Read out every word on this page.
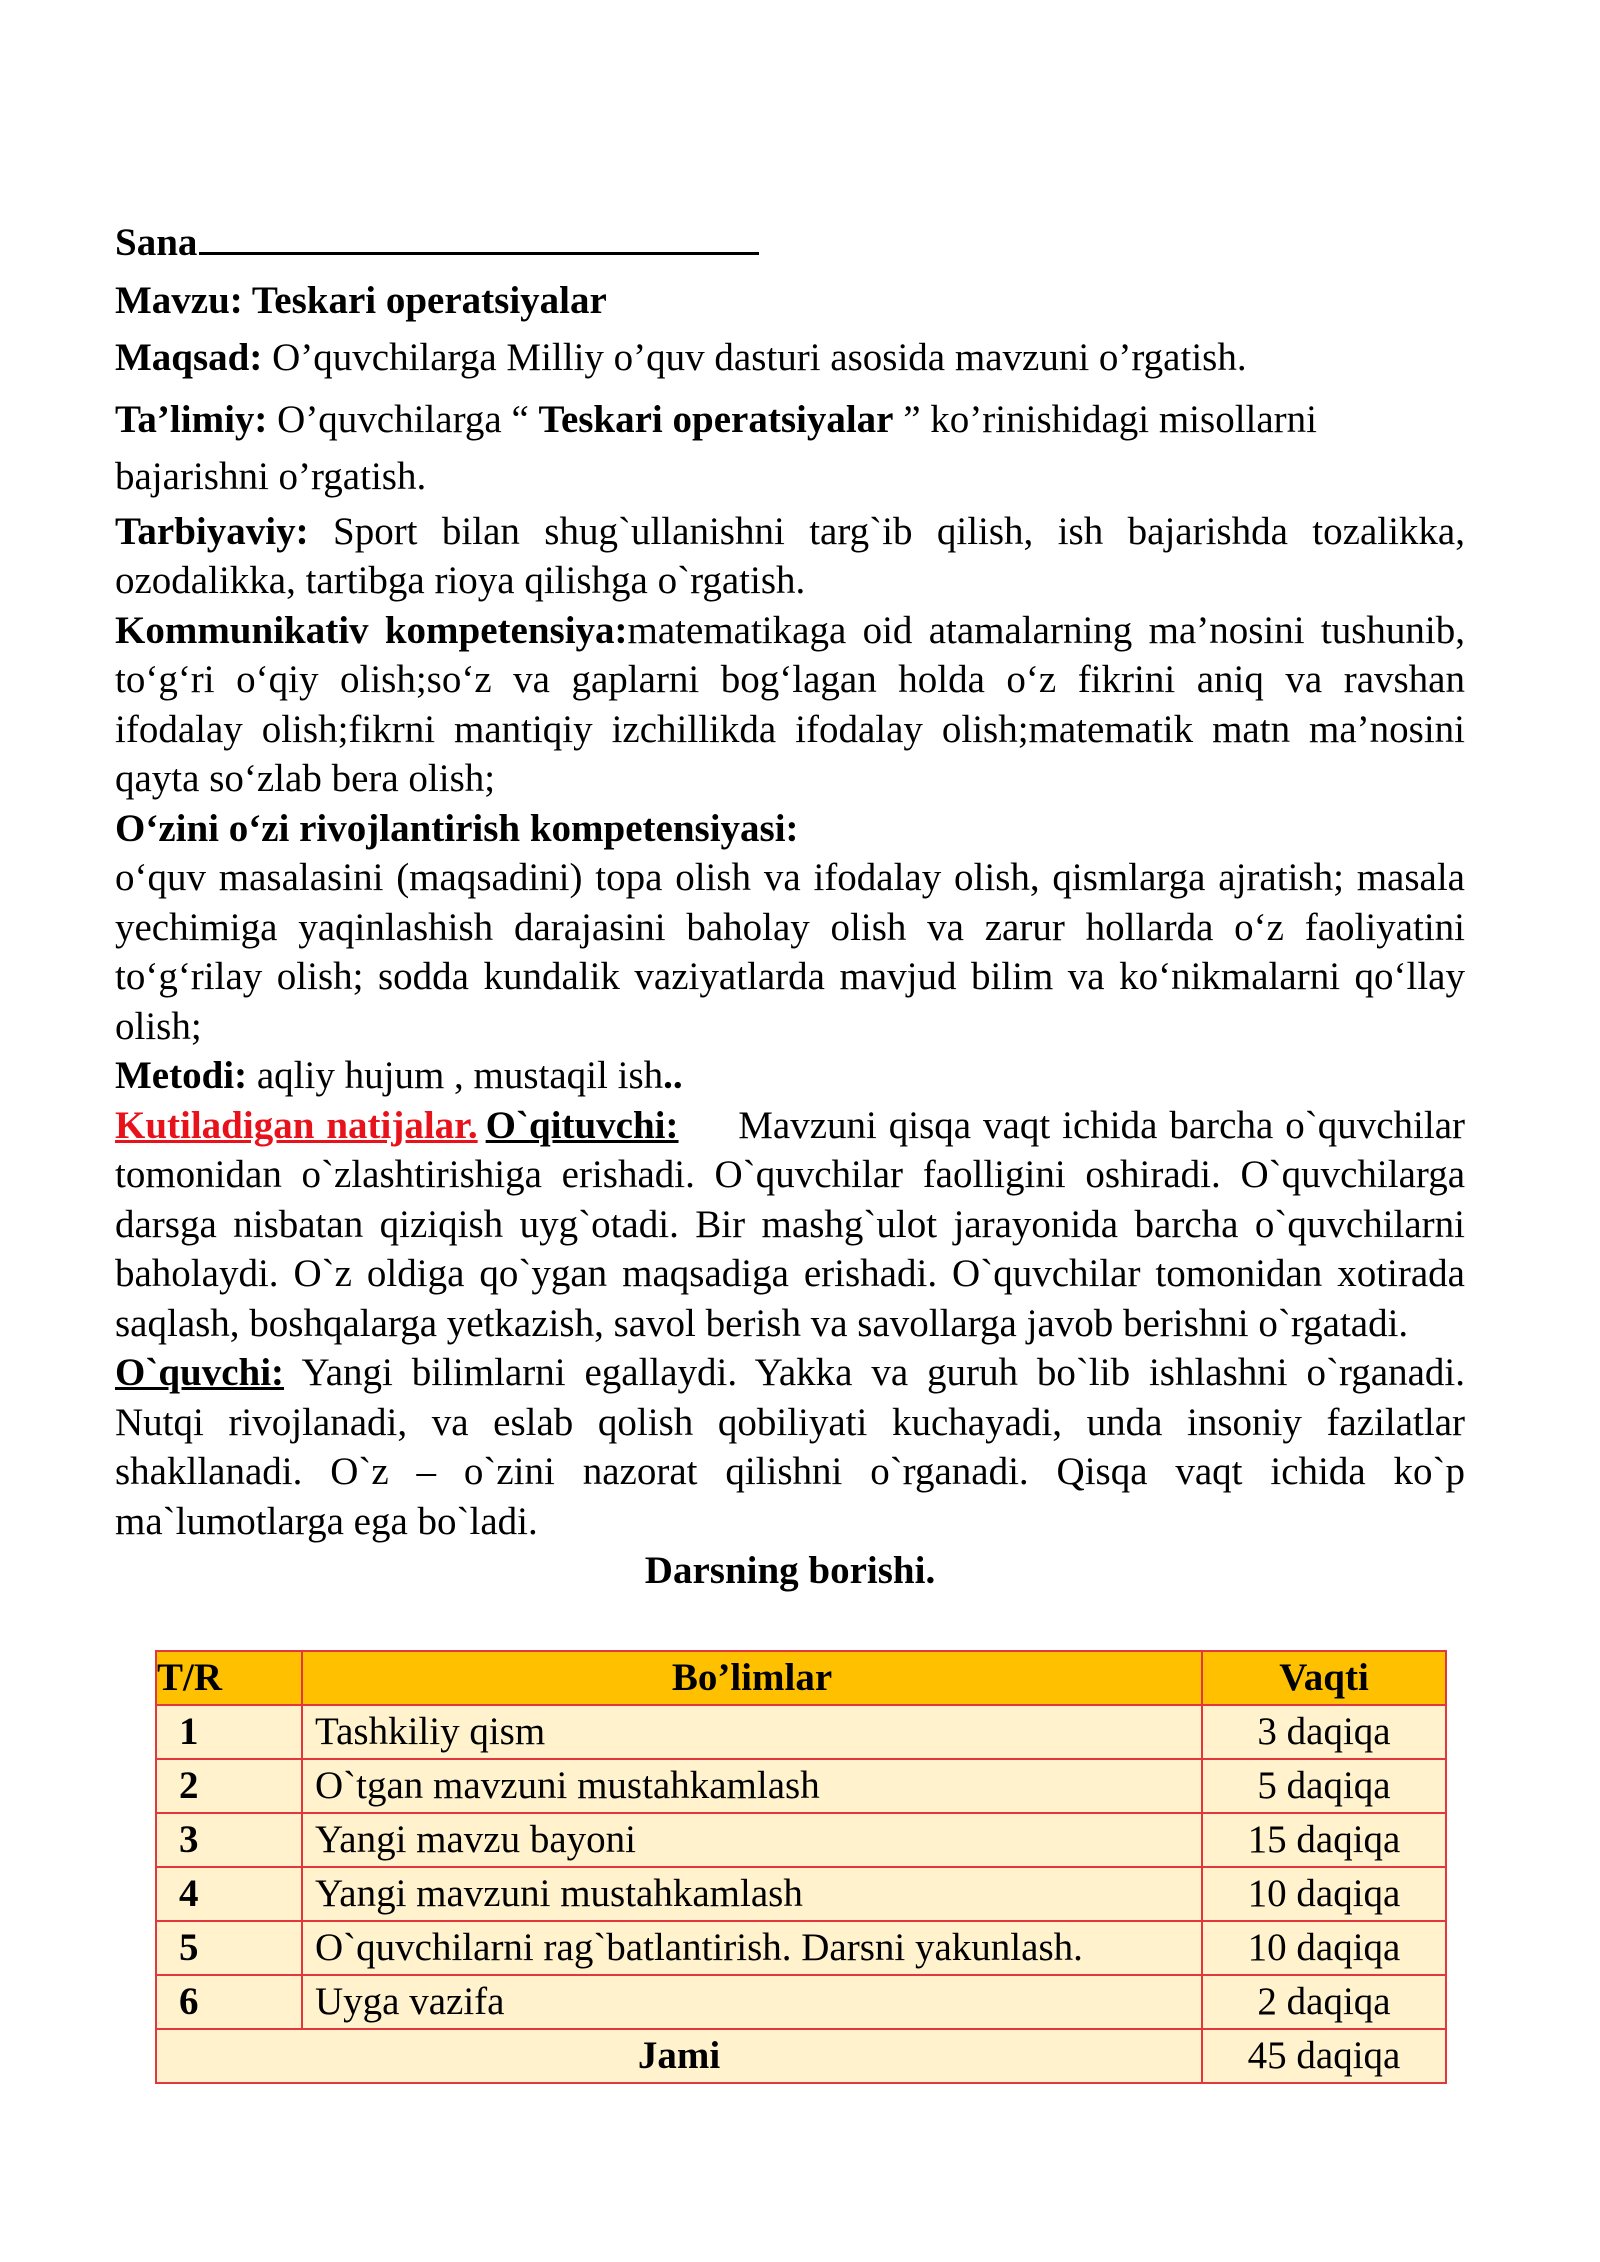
Sana

Mavzu: Teskari operatsiyalar

Maqsad: O’quvchilarga Milliy o’quv dasturi asosida mavzuni o’rgatish.

Ta’limiy: O’quvchilarga “ Teskari operatsiyalar ” ko’rinishidagi misollarni bajarishni o’rgatish.

Tarbiyaviy: Sport bilan shug`ullanishni targ`ib qilish, ish bajarishda tozalikka, ozodalikka, tartibga rioya qilishga o`rgatish.

Kommunikativ kompetensiya:matematikaga oid atamalarning ma’nosini tushunib, to‘g‘ri o‘qiy olish;so‘z va gaplarni bog‘lagan holda o‘z fikrini aniq va ravshan ifodalay olish;fikrni mantiqiy izchillikda ifodalay olish;matematik matn ma’nosini qayta so‘zlab bera olish;

O‘zini o‘zi rivojlantirish kompetensiyasi:

o‘quv masalasini (maqsadini) topa olish va ifodalay olish, qismlarga ajratish; masala yechimiga yaqinlashish darajasini baholay olish va zarur hollarda o‘z faoliyatini to‘g‘rilay olish; sodda kundalik vaziyatlarda mavjud bilim va ko‘nikmalarni qo‘llay olish;

Metodi: aqliy hujum , mustaqil ish..

Kutiladigan natijalar. O`qituvchi:     Mavzuni qisqa vaqt ichida barcha o`quvchilar tomonidan o`zlashtirishiga erishadi. O`quvchilar faolligini oshiradi. O`quvchilarga darsga nisbatan qiziqish uyg`otadi. Bir mashg`ulot jarayonida barcha o`quvchilarni baholaydi. O`z oldiga qo`ygan maqsadiga erishadi. O`quvchilar tomonidan xotirada saqlash, boshqalarga yetkazish, savol berish va savollarga javob berishni o`rgatadi.

O`quvchi: Yangi bilimlarni egallaydi. Yakka va guruh bo`lib ishlashni o`rganadi. Nutqi rivojlanadi, va eslab qolish qobiliyati kuchayadi, unda insoniy fazilatlar shakllanadi. O`z – o`zini nazorat qilishni o`rganadi. Qisqa vaqt ichida ko`p ma`lumotlarga ega bo`ladi.

Darsning borishi.

T/R	Bo’limlar	Vaqti
1	Tashkiliy qism	3 daqiqa
2	O`tgan mavzuni mustahkamlash	5 daqiqa
3	Yangi mavzu bayoni	15 daqiqa
4	Yangi mavzuni mustahkamlash	10 daqiqa
5	O`quvchilarni rag`batlantirish. Darsni yakunlash.	10 daqiqa
6	Uyga vazifa	2 daqiqa
Jami		45 daqiqa
